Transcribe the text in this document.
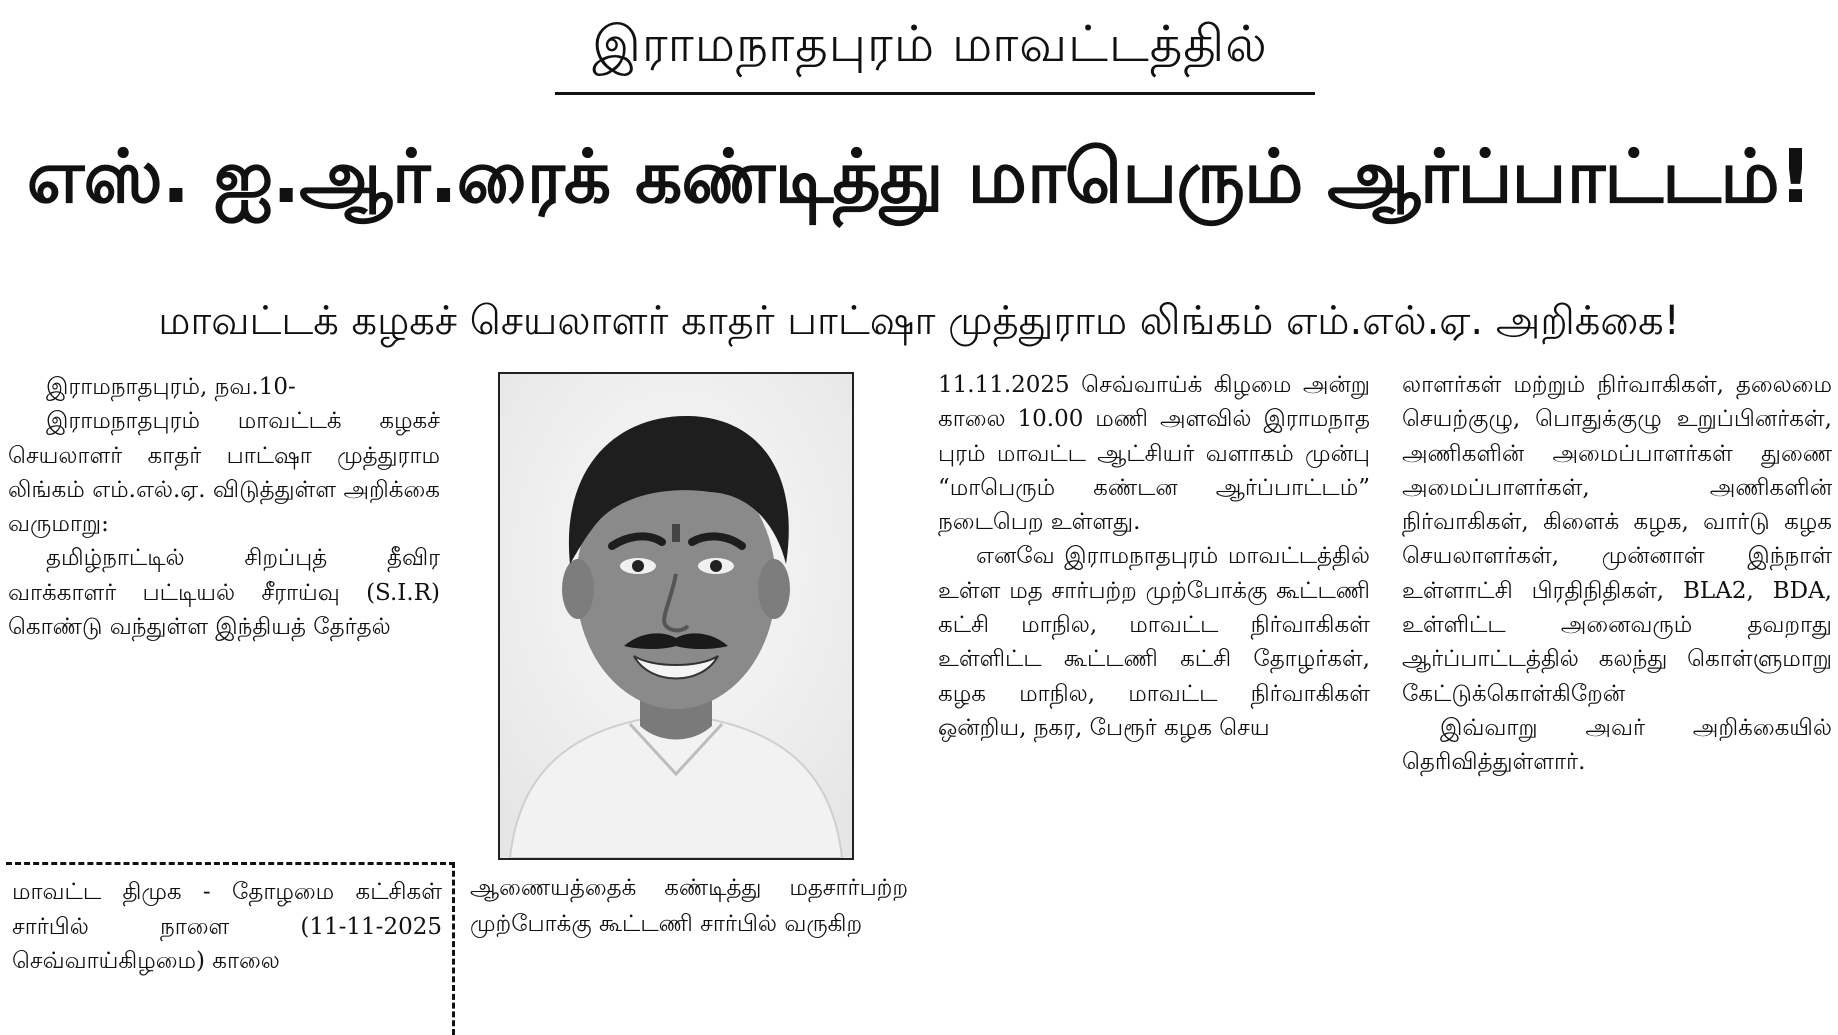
இராமநாதபுரம் மாவட்டத்தில்
எஸ். ஐ.ஆர்.ரைக் கண்டித்து மாபெரும் ஆர்ப்பாட்டம்!
மாவட்டக் கழகச் செயலாளர் காதர் பாட்ஷா முத்துராம லிங்கம் எம்.எல்.ஏ. அறிக்கை!

இராமநாதபுரம், நவ.10-

இராமநாதபுரம் மாவட்டக் கழகச் செயலாளர் காதர் பாட்ஷா முத்துராம லிங்கம் எம்.எல்.ஏ. விடுத்துள்ள அறிக்கை வருமாறு:

தமிழ்நாட்டில் சிறப்புத் தீவிர வாக்காளர் பட்டியல் சீராய்வு (S.I.R) கொண்டு வந்துள்ள இந்தியத் தேர்தல்

மாவட்ட திமுக - தோழமை கட்சிகள் சார்பில் நாளை (11-11-2025 செவ்வாய்கிழமை) காலை

ஆணையத்தைக் கண்டித்து மதசார்பற்ற முற்போக்கு கூட்டணி சார்பில் வருகிற

11.11.2025 செவ்வாய்க் கிழமை அன்று காலை 10.00 மணி அளவில் இராமநாத புரம் மாவட்ட ஆட்சியர் வளாகம் முன்பு “மாபெரும் கண்டன ஆர்ப்பாட்டம்” நடைபெற உள்ளது.

எனவே இராமநாதபுரம் மாவட்டத்தில் உள்ள மத சார்பற்ற முற்போக்கு கூட்டணி கட்சி மாநில, மாவட்ட நிர்வாகிகள் உள்ளிட்ட கூட்டணி கட்சி தோழர்கள், கழக மாநில, மாவட்ட நிர்வாகிகள் ஒன்றிய, நகர, பேரூர் கழக செய

லாளர்கள் மற்றும் நிர்வாகிகள், தலைமை செயற்குழு, பொதுக்குழு உறுப்பினர்கள், அணிகளின் அமைப்பாளர்கள் துணை அமைப்பாளர்கள், அணிகளின் நிர்வாகிகள், கிளைக் கழக, வார்டு கழக செயலாளர்கள், முன்னாள் இந்நாள் உள்ளாட்சி பிரதிநிதிகள், BLA2, BDA, உள்ளிட்ட அனைவரும் தவறாது ஆர்ப்பாட்டத்தில் கலந்து கொள்ளுமாறு கேட்டுக்கொள்கிறேன்

இவ்வாறு அவர் அறிக்கையில் தெரிவித்துள்ளார்.
